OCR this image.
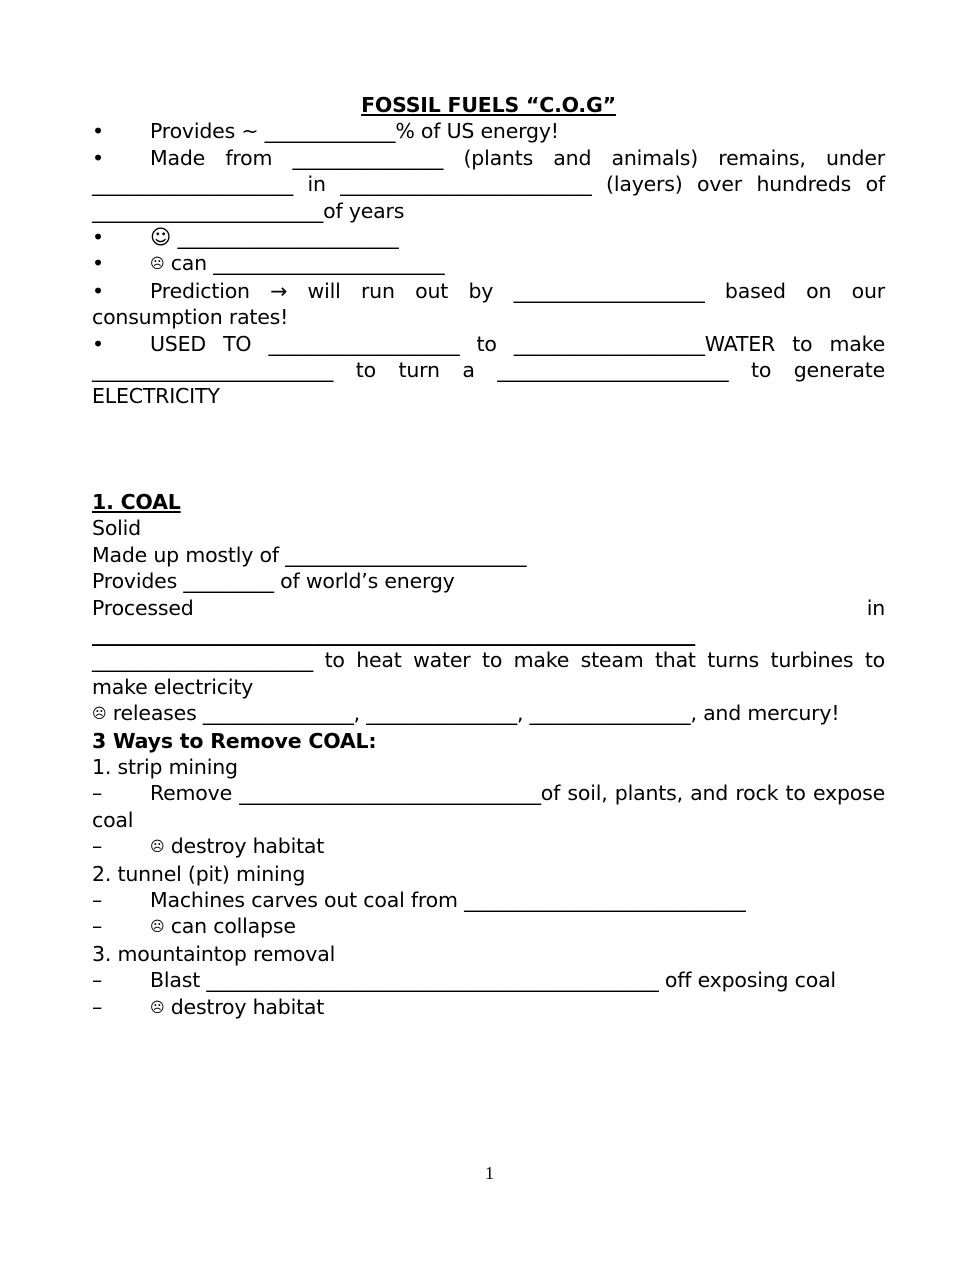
FOSSIL FUELS “C.O.G”
•	Provides ~ _____________% of US energy!
• Made from _______________ (plants and animals) remains, under ____________________ in _________________________ (layers) over hundreds of _______________________of years
•	☺ ______________________
•	☹ can _______________________
• Prediction → will run out by ___________________ based on our consumption rates!
• USED TO ___________________ to ___________________WATER to make ________________________ to turn a _______________________ to generate ELECTRICITY
1. COAL
Solid
Made up mostly of ________________________
Provides _________ of world’s energy
Processed	in
____________________________________________________________
______________________ to heat water to make steam that turns turbines to make electricity
☹ releases _______________, _______________, ________________, and mercury!
3 Ways to Remove COAL:
1. strip mining
– Remove ______________________________of soil, plants, and rock to expose coal
–	☹ destroy habitat
2. tunnel (pit) mining
–	Machines carves out coal from ____________________________
–	☹ can collapse
3. mountaintop removal
– Blast _____________________________________________ off exposing coal
–	☹ destroy habitat
1
